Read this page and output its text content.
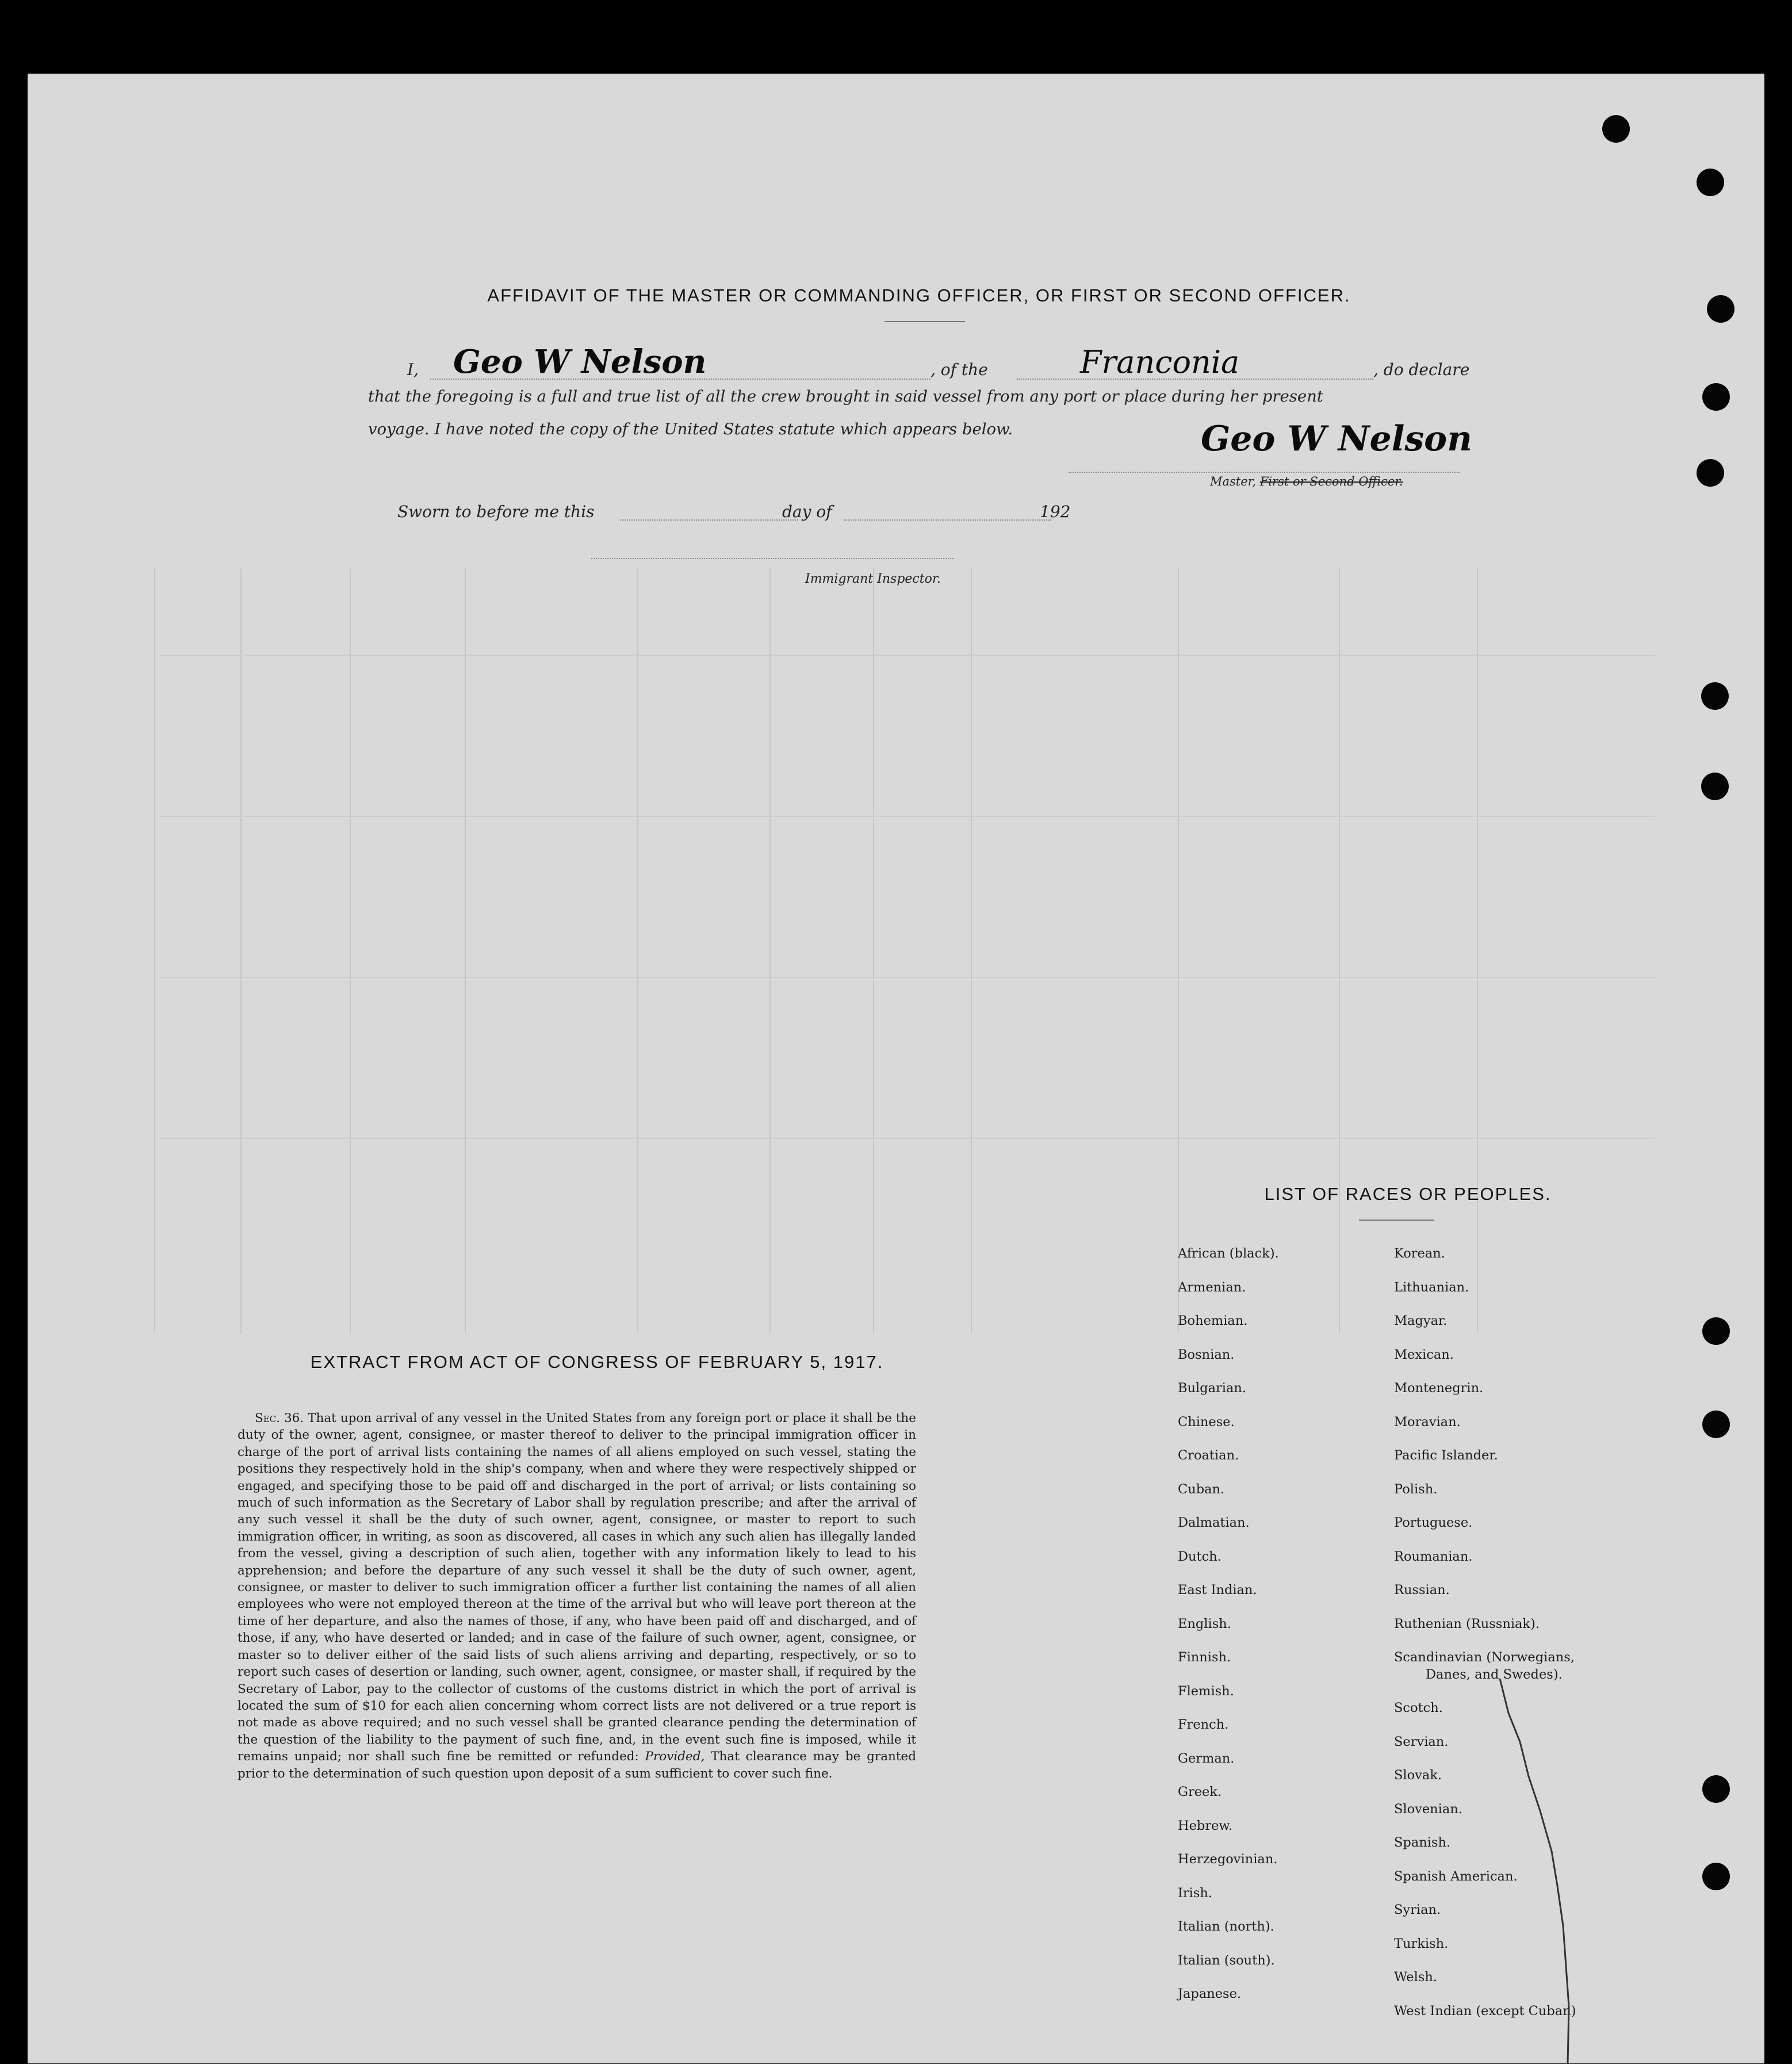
AFFIDAVIT OF THE MASTER OR COMMANDING OFFICER, OR FIRST OR SECOND OFFICER.
I, Geo W Nelson	, of the	Franconia	, do declare
that the foregoing is a full and true list of all the crew brought in said vessel from any port or place during her present
voyage. I have noted the copy of the United States statute which appears below.	Geo W Nelson
Master, First or Second Officer.
Sworn to before me this	day of	192
Immigrant Inspector.
EXTRACT FROM ACT OF CONGRESS OF FEBRUARY 5, 1917.
Sec. 36. That upon arrival of any vessel in the United States from any foreign port or place it shall be the duty of the owner, agent, consignee, or master thereof to deliver to the principal immigration officer in charge of the port of arrival lists containing the names of all aliens employed on such vessel, stating the positions they respectively hold in the ship's company, when and where they were respectively shipped or engaged, and specifying those to be paid off and discharged in the port of arrival; or lists containing so much of such information as the Secretary of Labor shall by regulation prescribe; and after the arrival of any such vessel it shall be the duty of such owner, agent, consignee, or master to report to such immigration officer, in writing, as soon as discovered, all cases in which any such alien has illegally landed from the vessel, giving a description of such alien, together with any information likely to lead to his apprehension; and before the departure of any such vessel it shall be the duty of such owner, agent, consignee, or master to deliver to such immigration officer a further list containing the names of all alien employees who were not employed thereon at the time of the arrival but who will leave port thereon at the time of her departure, and also the names of those, if any, who have been paid off and discharged, and of those, if any, who have deserted or landed; and in case of the failure of such owner, agent, consignee, or master so to deliver either of the said lists of such aliens arriving and departing, respectively, or so to report such cases of desertion or landing, such owner, agent, consignee, or master shall, if required by the Secretary of Labor, pay to the collector of customs of the customs district in which the port of arrival is located the sum of $10 for each alien concerning whom correct lists are not delivered or a true report is not made as above required; and no such vessel shall be granted clearance pending the determination of the question of the liability to the payment of such fine, and, in the event such fine is imposed, while it remains unpaid; nor shall such fine be remitted or refunded: Provided, That clearance may be granted prior to the determination of such question upon deposit of a sum sufficient to cover such fine.
LIST OF RACES OR PEOPLES.
African (black).
Armenian.
Bohemian.
Bosnian.
Bulgarian.
Chinese.
Croatian.
Cuban.
Dalmatian.
Dutch.
East Indian.
English.
Finnish.
Flemish.
French.
German.
Greek.
Hebrew.
Herzegovinian.
Irish.
Italian (north).
Italian (south).
Japanese.
Korean.
Lithuanian.
Magyar.
Mexican.
Montenegrin.
Moravian.
Pacific Islander.
Polish.
Portuguese.
Roumanian.
Russian.
Ruthenian (Russniak).
Scandinavian (Norwegians,
Danes, and Swedes).
Scotch.
Servian.
Slovak.
Slovenian.
Spanish.
Spanish American.
Syrian.
Turkish.
Welsh.
West Indian (except Cuban)
